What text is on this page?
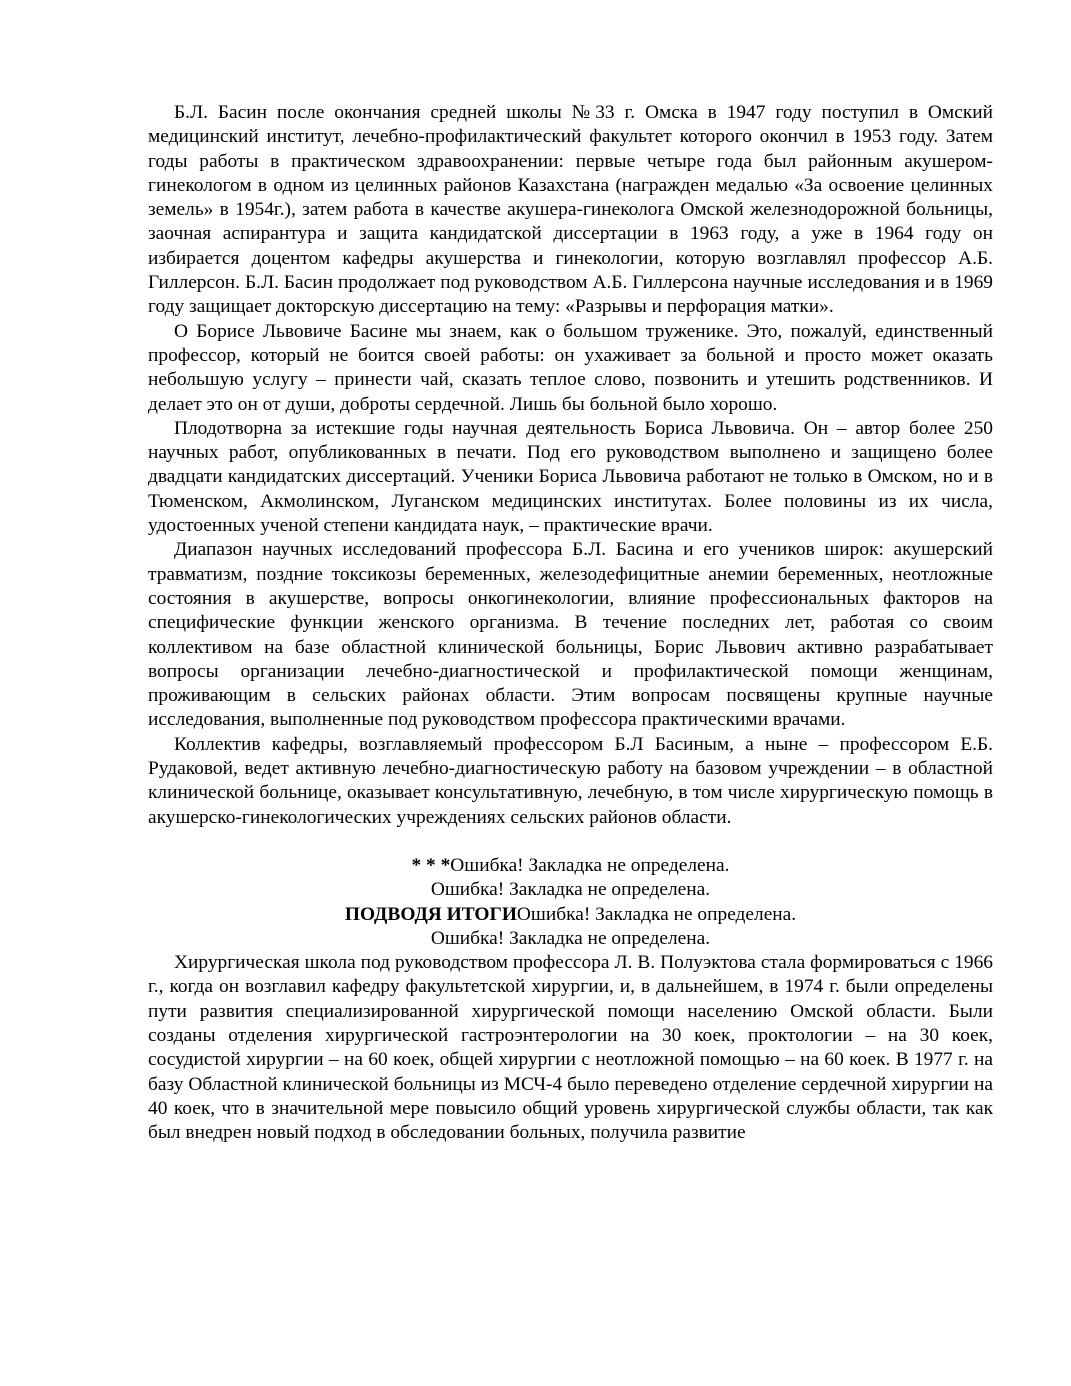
Б.Л. Басин после окончания средней школы №33 г. Омска в 1947 году поступил в Омский медицинский институт, лечебно-профилактический факультет которого окончил в 1953 году. Затем годы работы в практическом здравоохранении: первые четыре года был районным акушером-гинекологом в одном из целинных районов Казахстана (награжден медалью «За освоение целинных земель» в 1954г.), затем работа в качестве акушера-гинеколога Омской железнодорожной больницы, заочная аспирантура и защита кандидатской диссертации в 1963 году, а уже в 1964 году он избирается доцентом кафедры акушерства и гинекологии, которую возглавлял профессор А.Б. Гиллерсон. Б.Л. Басин продолжает под руководством А.Б. Гиллерсона научные исследования и в 1969 году защищает докторскую диссертацию на тему: «Разрывы и перфорация матки».

О Борисе Львовиче Басине мы знаем, как о большом труженике. Это, пожалуй, единственный профессор, который не боится своей работы: он ухаживает за больной и просто может оказать небольшую услугу – принести чай, сказать теплое слово, позвонить и утешить родственников. И делает это он от души, доброты сердечной. Лишь бы больной было хорошо.

Плодотворна за истекшие годы научная деятельность Бориса Львовича. Он – автор более 250 научных работ, опубликованных в печати. Под его руководством выполнено и защищено более двадцати кандидатских диссертаций. Ученики Бориса Львовича работают не только в Омском, но и в Тюменском, Акмолинском, Луганском медицинских институтах. Более половины из их числа, удостоенных ученой степени кандидата наук, – практические врачи.

Диапазон научных исследований профессора Б.Л. Басина и его учеников широк: акушерский травматизм, поздние токсикозы беременных, железодефицитные анемии беременных, неотложные состояния в акушерстве, вопросы онкогинекологии, влияние профессиональных факторов на специфические функции женского организма. В течение последних лет, работая со своим коллективом на базе областной клинической больницы, Борис Львович активно разрабатывает вопросы организации лечебно-диагностической и профилактической помощи женщинам, проживающим в сельских районах области. Этим вопросам посвящены крупные научные исследования, выполненные под руководством профессора практическими врачами.

Коллектив кафедры, возглавляемый профессором Б.Л Басиным, а ныне – профессором Е.Б. Рудаковой, ведет активную лечебно-диагностическую работу на базовом учреждении – в областной клинической больнице, оказывает консультативную, лечебную, в том числе хирургическую помощь в акушерско-гинекологических учреждениях сельских районов области.

* * *Ошибка! Закладка не определена.

Ошибка! Закладка не определена.

ПОДВОДЯ ИТОГИОшибка! Закладка не определена.

Ошибка! Закладка не определена.

Хирургическая школа под руководством профессора Л. В. Полуэктова стала формироваться с 1966 г., когда он возглавил кафедру факультетской хирургии, и, в дальнейшем, в 1974 г. были определены пути развития специализированной хирургической помощи населению Омской области. Были созданы отделения хирургической гастроэнтерологии на 30 коек, проктологии – на 30 коек, сосудистой хирургии – на 60 коек, общей хирургии с неотложной помощью – на 60 коек. В 1977 г. на базу Областной клинической больницы из МСЧ-4 было переведено отделение сердечной хирургии на 40 коек, что в значительной мере повысило общий уровень хирургической службы области, так как был внедрен новый подход в обследовании больных, получила развитие
